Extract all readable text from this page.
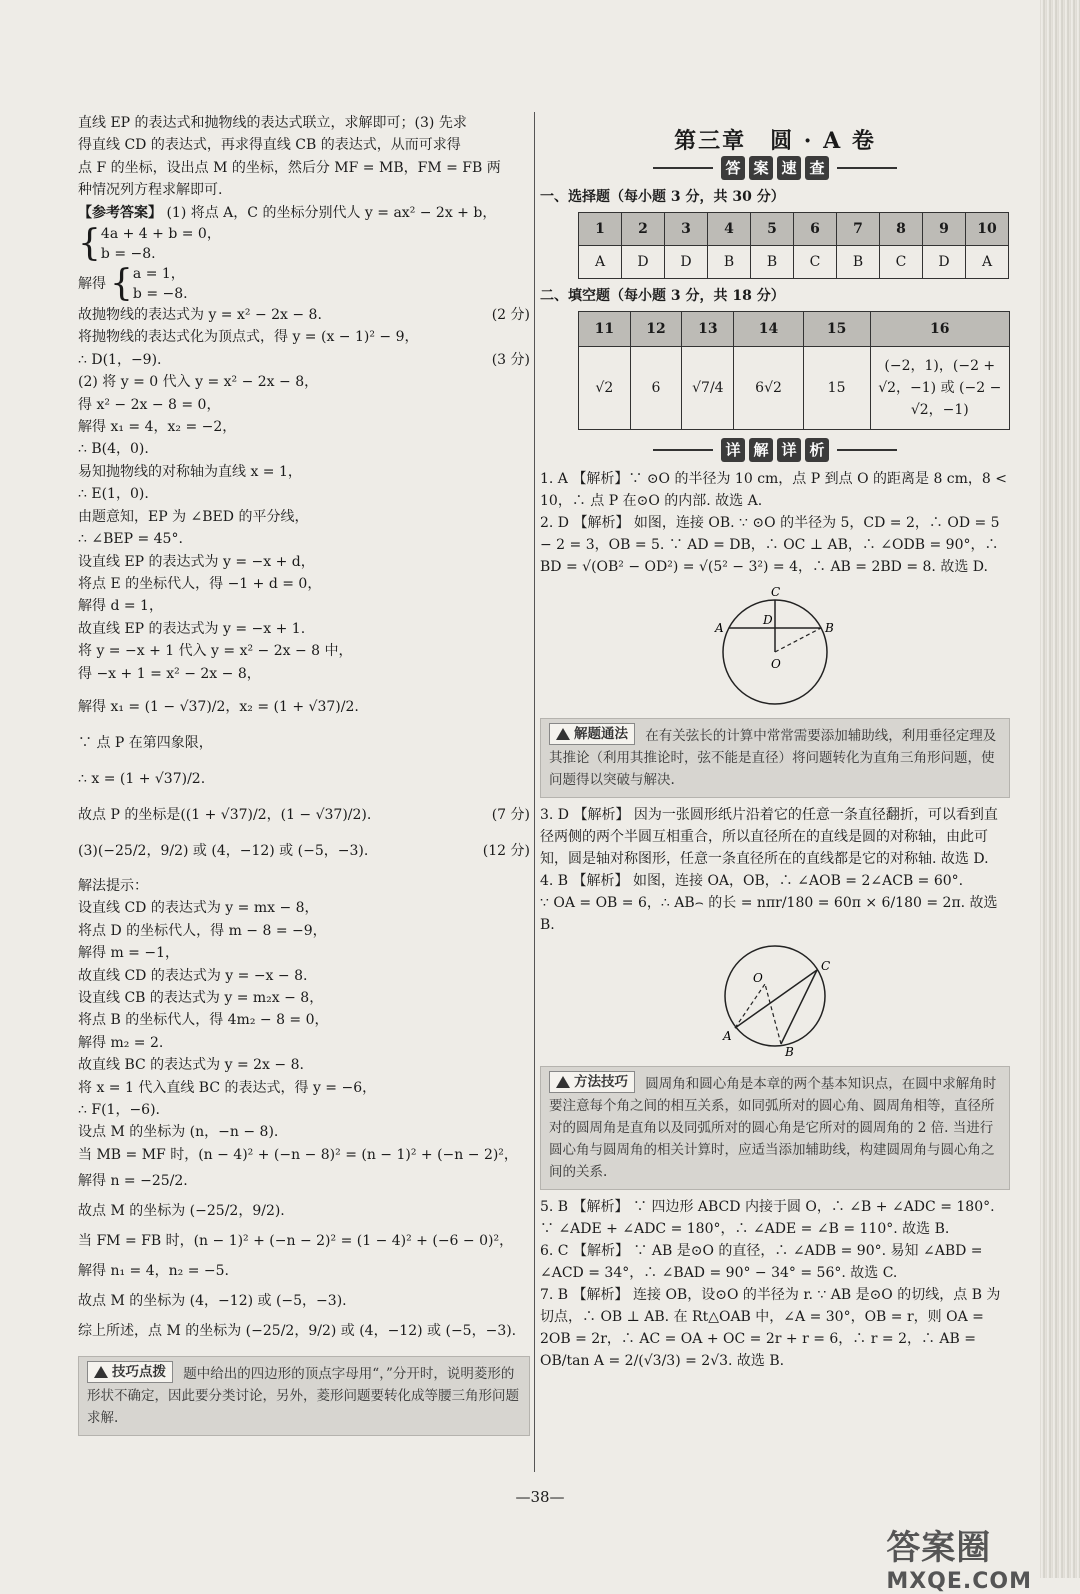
直线 EP 的表达式和抛物线的表达式联立，求解即可；(3) 先求
得直线 CD 的表达式，再求得直线 CB 的表达式，从而可求得
点 F 的坐标，设出点 M 的坐标，然后分 MF = MB，FM = FB 两
种情况列方程求解即可.
【参考答案】 (1) 将点 A，C 的坐标分别代人 y = ax² − 2x + b，
{ 4a + 4 + b = 0，
b = −8.
解得 { a = 1，
b = −8.
故抛物线的表达式为 y = x² − 2x − 8.	(2 分)
将抛物线的表达式化为顶点式，得 y = (x − 1)² − 9，
∴ D(1，−9).	(3 分)
(2) 将 y = 0 代入 y = x² − 2x − 8，
得 x² − 2x − 8 = 0，
解得 x₁ = 4，x₂ = −2，
∴ B(4，0).
易知抛物线的对称轴为直线 x = 1，
∴ E(1，0).
由题意知，EP 为 ∠BED 的平分线，
∴ ∠BEP = 45°.
设直线 EP 的表达式为 y = −x + d，
将点 E 的坐标代人，得 −1 + d = 0，
解得 d = 1，
故直线 EP 的表达式为 y = −x + 1.
将 y = −x + 1 代入 y = x² − 2x − 8 中，
得 −x + 1 = x² − 2x − 8，
解得 x₁ = (1 − √37)/2，x₂ = (1 + √37)/2.
∵ 点 P 在第四象限，
∴ x = (1 + √37)/2.
故点 P 的坐标是((1 + √37)/2，(1 − √37)/2).	(7 分)
(3)(−25/2，9/2) 或 (4，−12) 或 (−5，−3).	(12 分)
解法提示：
设直线 CD 的表达式为 y = mx − 8，
将点 D 的坐标代人，得 m − 8 = −9，
解得 m = −1，
故直线 CD 的表达式为 y = −x − 8.
设直线 CB 的表达式为 y = m₂x − 8，
将点 B 的坐标代人，得 4m₂ − 8 = 0，
解得 m₂ = 2.
故直线 BC 的表达式为 y = 2x − 8.
将 x = 1 代入直线 BC 的表达式，得 y = −6，
∴ F(1，−6).
设点 M 的坐标为 (n，−n − 8).
当 MB = MF 时，(n − 4)² + (−n − 8)² = (n − 1)² + (−n − 2)²，
解得 n = −25/2.
故点 M 的坐标为 (−25/2，9/2).
当 FM = FB 时，(n − 1)² + (−n − 2)² = (1 − 4)² + (−6 − 0)²，
解得 n₁ = 4，n₂ = −5.
故点 M 的坐标为 (4，−12) 或 (−5，−3).
综上所述，点 M 的坐标为 (−25/2，9/2) 或 (4，−12) 或 (−5，−3).
技巧点拨 题中给出的四边形的顶点字母用“，”分开时，说明菱形的形状不确定，因此要分类讨论，另外，菱形问题要转化成等腰三角形问题求解.
第三章　圆 · A 卷
答 案 速 查
一、选择题（每小题 3 分，共 30 分）
1	2	3	4	5	6	7	8	9	10
A	D	D	B	B	C	B	C	D	A
二、填空题（每小题 3 分，共 18 分）
11	12	13	14	15	16
√2	6	√7/4	6√2	15	(−2，1)，(−2 + √2，−1) 或 (−2 − √2，−1)
详 解 详 析
1. A 【解析】∵ ⊙O 的半径为 10 cm，点 P 到点 O 的距离是 8 cm，8 < 10，∴ 点 P 在⊙O 的内部. 故选 A.
2. D 【解析】 如图，连接 OB. ∵ ⊙O 的半径为 5，CD = 2，∴ OD = 5 − 2 = 3，OB = 5. ∵ AD = DB，∴ OC ⊥ AB，∴ ∠ODB = 90°，∴ BD = √(OB² − OD²) = √(5² − 3²) = 4，∴ AB = 2BD = 8. 故选 D.
C
A
D
B
O
解题通法 在有关弦长的计算中常常需要添加辅助线，利用垂径定理及其推论（利用其推论时，弦不能是直径）将问题转化为直角三角形问题，使问题得以突破与解决.
3. D 【解析】 因为一张圆形纸片沿着它的任意一条直径翻折，可以看到直径两侧的两个半圆互相重合，所以直径所在的直线是圆的对称轴，由此可知，圆是轴对称图形，任意一条直径所在的直线都是它的对称轴. 故选 D.
4. B 【解析】 如图，连接 OA，OB，∴ ∠AOB = 2∠ACB = 60°.
∵ OA = OB = 6，∴ AB⌢ 的长 = nπr/180 = 60π × 6/180 = 2π. 故选 B.
O
C
A
B
方法技巧 圆周角和圆心角是本章的两个基本知识点，在圆中求解角时要注意每个角之间的相互关系，如同弧所对的圆心角、圆周角相等，直径所对的圆周角是直角以及同弧所对的圆心角是它所对的圆周角的 2 倍. 当进行圆心角与圆周角的相关计算时，应适当添加辅助线，构建圆周角与圆心角之间的关系.
5. B 【解析】 ∵ 四边形 ABCD 内接于圆 O，∴ ∠B + ∠ADC = 180°. ∵ ∠ADE + ∠ADC = 180°，∴ ∠ADE = ∠B = 110°. 故选 B.
6. C 【解析】 ∵ AB 是⊙O 的直径，∴ ∠ADB = 90°. 易知 ∠ABD = ∠ACD = 34°，∴ ∠BAD = 90° − 34° = 56°. 故选 C.
7. B 【解析】 连接 OB，设⊙O 的半径为 r. ∵ AB 是⊙O 的切线，点 B 为切点，∴ OB ⊥ AB. 在 Rt△OAB 中，∠A = 30°，OB = r，则 OA = 2OB = 2r，∴ AC = OA + OC = 2r + r = 6，∴ r = 2，∴ AB = OB/tan A = 2/(√3/3) = 2√3. 故选 B.
—38—
答案圈
MXQE.COM
